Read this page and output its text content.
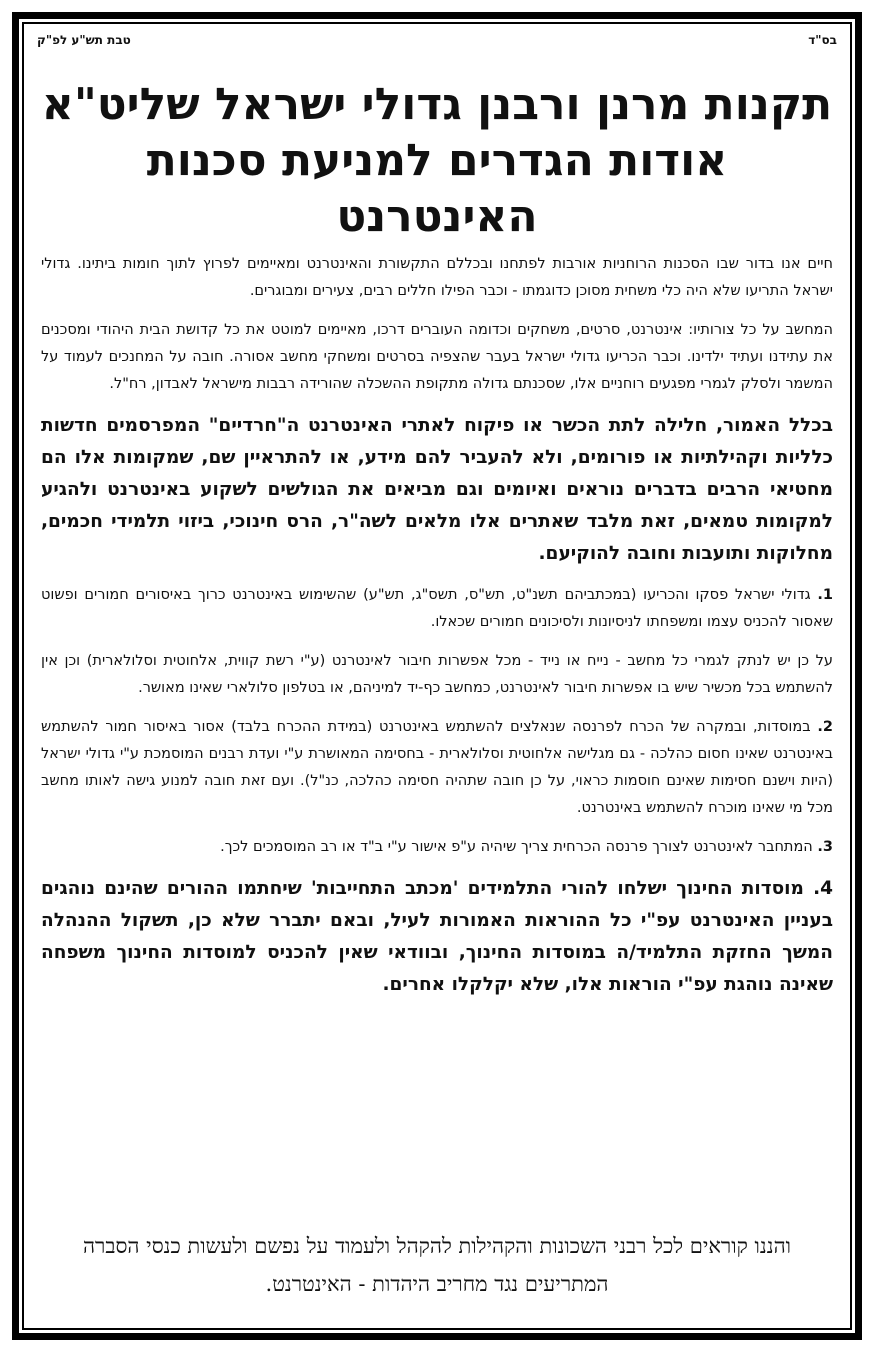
בס"ד
טבת תש"ע לפ"ק
תקנות מרנן ורבנן גדולי ישראל שליט"א
אודות הגדרים למניעת סכנות האינטרנט

חיים אנו בדור שבו הסכנות הרוחניות אורבות לפתחנו ובכללם התקשורת והאינטרנט ומאיימים לפרוץ לתוך חומות ביתינו. גדולי ישראל התריעו שלא היה כלי משחית מסוכן כדוגמתו - וכבר הפילו חללים רבים, צעירים ומבוגרים.

המחשב על כל צורותיו: אינטרנט, סרטים, משחקים וכדומה העוברים דרכו, מאיימים למוטט את כל קדושת הבית היהודי ומסכנים את עתידנו ועתיד ילדינו. וכבר הכריעו גדולי ישראל בעבר שהצפיה בסרטים ומשחקי מחשב אסורה. חובה על המחנכים לעמוד על המשמר ולסלק לגמרי מפגעים רוחניים אלו, שסכנתם גדולה מתקופת ההשכלה שהורידה רבבות מישראל לאבדון, רח"ל.

בכלל האמור, חלילה לתת הכשר או פיקוח לאתרי האינטרנט ה"חרדיים" המפרסמים חדשות כלליות וקהילתיות או פורומים, ולא להעביר להם מידע, או להתראיין שם, שמקומות אלו הם מחטיאי הרבים בדברים נוראים ואיומים וגם מביאים את הגולשים לשקוע באינטרנט ולהגיע למקומות טמאים, זאת מלבד שאתרים אלו מלאים לשה"ר, הרס חינוכי, ביזוי תלמידי חכמים, מחלוקות ותועבות וחובה להוקיעם.

1. גדולי ישראל פסקו והכריעו (במכתביהם תשנ"ט, תש"ס, תשס"ג, תש"ע) שהשימוש באינטרנט כרוך באיסורים חמורים ופשוט שאסור להכניס עצמו ומשפחתו לניסיונות ולסיכונים חמורים שכאלו.

על כן יש לנתק לגמרי כל מחשב - נייח או נייד - מכל אפשרות חיבור לאינטרנט (ע"י רשת קווית, אלחוטית וסלולארית) וכן אין להשתמש בכל מכשיר שיש בו אפשרות חיבור לאינטרנט, כמחשב כף-יד למיניהם, או בטלפון סלולארי שאינו מאושר.

2. במוסדות, ובמקרה של הכרח לפרנסה שנאלצים להשתמש באינטרנט (במידת ההכרח בלבד) אסור באיסור חמור להשתמש באינטרנט שאינו חסום כהלכה - גם מגלישה אלחוטית וסלולארית - בחסימה המאושרת ע"י ועדת רבנים המוסמכת ע"י גדולי ישראל (היות וישנם חסימות שאינם חוסמות כראוי, על כן חובה שתהיה חסימה כהלכה, כנ"ל). ועם זאת חובה למנוע גישה לאותו מחשב מכל מי שאינו מוכרח להשתמש באינטרנט.

3. המתחבר לאינטרנט לצורך פרנסה הכרחית צריך שיהיה ע"פ אישור ע"י ב"ד או רב המוסמכים לכך.

4. מוסדות החינוך ישלחו להורי התלמידים 'מכתב התחייבות' שיחתמו ההורים שהינם נוהגים בעניין האינטרנט עפ"י כל ההוראות האמורות לעיל, ובאם יתברר שלא כן, תשקול ההנהלה המשך החזקת התלמיד/ה במוסדות החינוך, ובוודאי שאין להכניס למוסדות החינוך משפחה שאינה נוהגת עפ"י הוראות אלו, שלא יקלקלו אחרים.

והננו קוראים לכל רבני השכונות והקהילות להקהל ולעמוד על נפשם ולעשות כנסי הסברה
המתריעים נגד מחריב היהדות - האינטרנט.
